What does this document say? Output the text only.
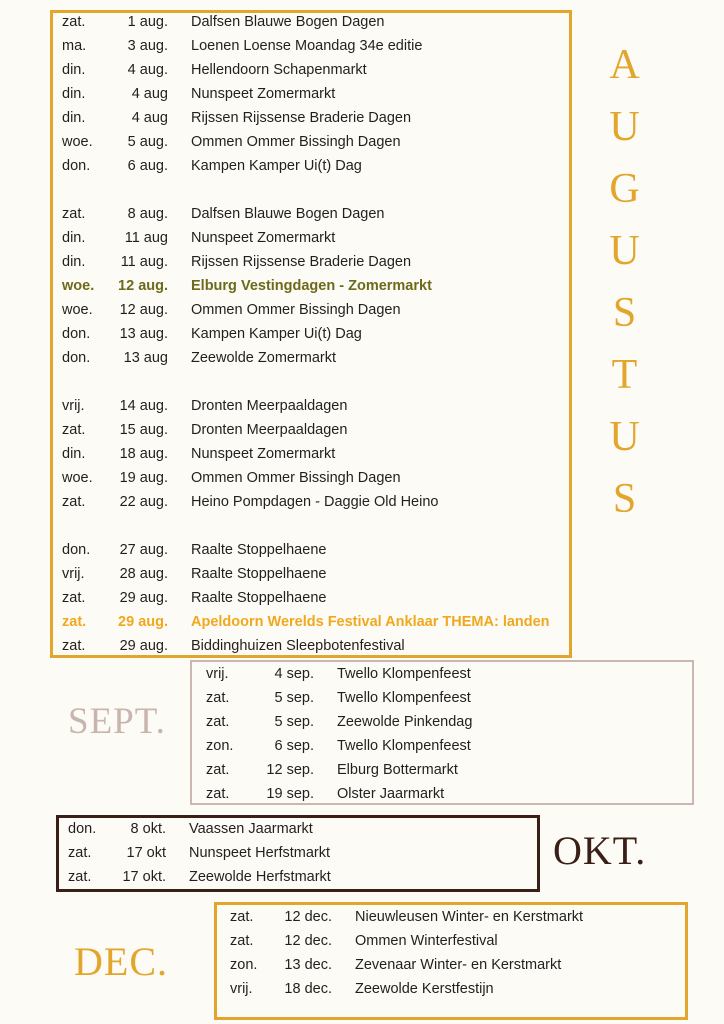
zat.	1 aug.	Dalfsen Blauwe Bogen Dagen
ma.	3 aug.	Loenen Loense Moandag 34e editie
din.	4 aug.	Hellendoorn Schapenmarkt
din.	4 aug	Nunspeet Zomermarkt
din.	4 aug	Rijssen Rijssense Braderie Dagen
woe.	5 aug.	Ommen Ommer Bissingh Dagen
don.	6 aug.	Kampen Kamper Ui(t) Dag
zat.	8 aug.	Dalfsen Blauwe Bogen Dagen
din.	11 aug	Nunspeet Zomermarkt
din.	11 aug.	Rijssen Rijssense Braderie Dagen
woe.	12 aug.	Elburg Vestingdagen - Zomermarkt
woe.	12 aug.	Ommen Ommer Bissingh Dagen
don.	13 aug.	Kampen Kamper Ui(t) Dag
don.	13 aug	Zeewolde Zomermarkt
vrij.	14 aug.	Dronten Meerpaaldagen
zat.	15 aug.	Dronten Meerpaaldagen
din.	18 aug.	Nunspeet Zomermarkt
woe.	19 aug.	Ommen Ommer Bissingh Dagen
zat.	22 aug.	Heino Pompdagen - Daggie Old Heino
don.	27 aug.	Raalte Stoppelhaene
vrij.	28 aug.	Raalte Stoppelhaene
zat.	29 aug.	Raalte Stoppelhaene
zat.	29 aug.	Apeldoorn Werelds Festival Anklaar THEMA: landen
zat.	29 aug.	Biddinghuizen Sleepbotenfestival
A
U
G
U
S
T
U
S
SEPT.
vrij.	4 sep.	Twello Klompenfeest
zat.	5 sep.	Twello Klompenfeest
zat.	5 sep.	Zeewolde Pinkendag
zon.	6 sep.	Twello Klompenfeest
zat.	12 sep.	Elburg Bottermarkt
zat.	19 sep.	Olster Jaarmarkt
OKT.
don.	8 okt.	Vaassen Jaarmarkt
zat.	17 okt	Nunspeet Herfstmarkt
zat.	17 okt.	Zeewolde Herfstmarkt
DEC.
zat.	12 dec.	Nieuwleusen Winter- en Kerstmarkt
zat.	12 dec.	Ommen Winterfestival
zon.	13 dec.	Zevenaar Winter- en Kerstmarkt
vrij.	18 dec.	Zeewolde Kerstfestijn
